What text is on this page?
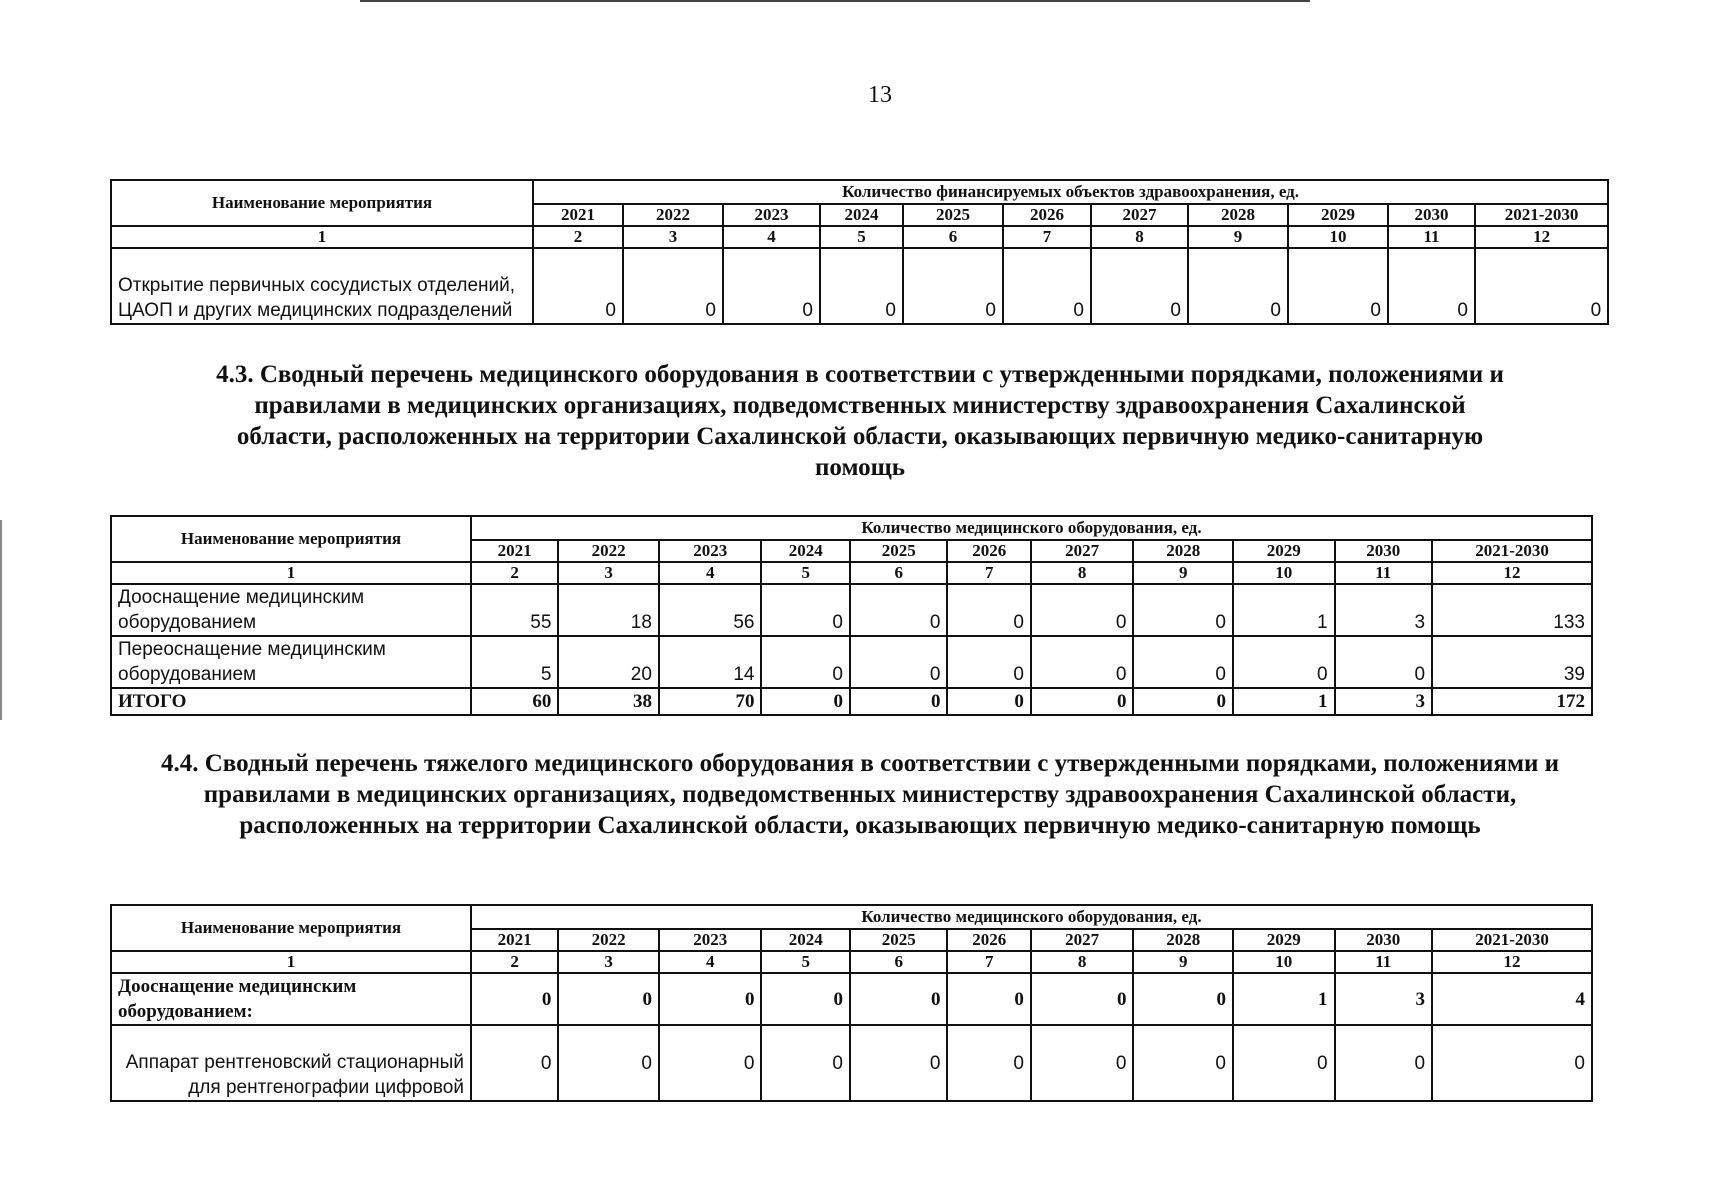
13
Наименование мероприятия	Количество финансируемых объектов здравоохранения, ед.										
	2021	2022	2023	2024	2025	2026	2027	2028	2029	2030	2021-2030
1	2	3	4	5	6	7	8	9	10	11	12
Открытие первичных сосудистых отделений, ЦАОП и других медицинских подразделений	0	0	0	0	0	0	0	0	0	0	0
4.3. Сводный перечень медицинского оборудования в соответствии с утвержденными порядками, положениями и правилами в медицинских организациях, подведомственных министерству здравоохранения Сахалинской области, расположенных на территории Сахалинской области, оказывающих первичную медико-санитарную помощь
Наименование мероприятия	Количество медицинского оборудования, ед.										
	2021	2022	2023	2024	2025	2026	2027	2028	2029	2030	2021-2030
1	2	3	4	5	6	7	8	9	10	11	12
Дооснащение медицинским оборудованием	55	18	56	0	0	0	0	0	1	3	133
Переоснащение медицинским оборудованием	5	20	14	0	0	0	0	0	0	0	39
ИТОГО	60	38	70	0	0	0	0	0	1	3	172
4.4. Сводный перечень тяжелого медицинского оборудования в соответствии с утвержденными порядками, положениями и правилами в медицинских организациях, подведомственных министерству здравоохранения Сахалинской области, расположенных на территории Сахалинской области, оказывающих первичную медико-санитарную помощь
Наименование мероприятия	Количество медицинского оборудования, ед.										
	2021	2022	2023	2024	2025	2026	2027	2028	2029	2030	2021-2030
1	2	3	4	5	6	7	8	9	10	11	12
Дооснащение медицинским оборудованием:	0	0	0	0	0	0	0	0	1	3	4
Аппарат рентгеновский стационарный для рентгенографии цифровой	0	0	0	0	0	0	0	0	0	0	0
